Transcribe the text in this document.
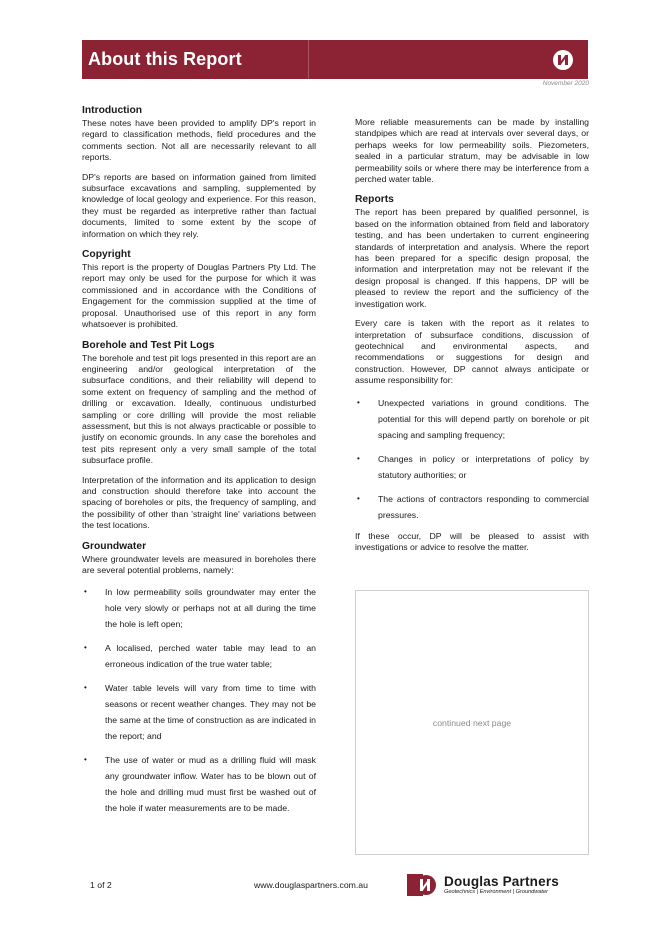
About this Report
November 2020
Introduction

These notes have been provided to amplify DP's report in regard to classification methods, field procedures and the comments section. Not all are necessarily relevant to all reports.

DP's reports are based on information gained from limited subsurface excavations and sampling, supplemented by knowledge of local geology and experience. For this reason, they must be regarded as interpretive rather than factual documents, limited to some extent by the scope of information on which they rely.

Copyright

This report is the property of Douglas Partners Pty Ltd. The report may only be used for the purpose for which it was commissioned and in accordance with the Conditions of Engagement for the commission supplied at the time of proposal. Unauthorised use of this report in any form whatsoever is prohibited.

Borehole and Test Pit Logs

The borehole and test pit logs presented in this report are an engineering and/or geological interpretation of the subsurface conditions, and their reliability will depend to some extent on frequency of sampling and the method of drilling or excavation. Ideally, continuous undisturbed sampling or core drilling will provide the most reliable assessment, but this is not always practicable or possible to justify on economic grounds. In any case the boreholes and test pits represent only a very small sample of the total subsurface profile.

Interpretation of the information and its application to design and construction should therefore take into account the spacing of boreholes or pits, the frequency of sampling, and the possibility of other than 'straight line' variations between the test locations.

Groundwater

Where groundwater levels are measured in boreholes there are several potential problems, namely:

• In low permeability soils groundwater may enter the hole very slowly or perhaps not at all during the time the hole is left open;
• A localised, perched water table may lead to an erroneous indication of the true water table;
• Water table levels will vary from time to time with seasons or recent weather changes. They may not be the same at the time of construction as are indicated in the report; and
• The use of water or mud as a drilling fluid will mask any groundwater inflow. Water has to be blown out of the hole and drilling mud must first be washed out of the hole if water measurements are to be made.

More reliable measurements can be made by installing standpipes which are read at intervals over several days, or perhaps weeks for low permeability soils. Piezometers, sealed in a particular stratum, may be advisable in low permeability soils or where there may be interference from a perched water table.

Reports

The report has been prepared by qualified personnel, is based on the information obtained from field and laboratory testing, and has been undertaken to current engineering standards of interpretation and analysis. Where the report has been prepared for a specific design proposal, the information and interpretation may not be relevant if the design proposal is changed. If this happens, DP will be pleased to review the report and the sufficiency of the investigation work.

Every care is taken with the report as it relates to interpretation of subsurface conditions, discussion of geotechnical and environmental aspects, and recommendations or suggestions for design and construction. However, DP cannot always anticipate or assume responsibility for:

• Unexpected variations in ground conditions. The potential for this will depend partly on borehole or pit spacing and sampling frequency;
• Changes in policy or interpretations of policy by statutory authorities; or
• The actions of contractors responding to commercial pressures.

If these occur, DP will be pleased to assist with investigations or advice to resolve the matter.

continued next page
1 of 2	www.douglaspartners.com.au	Douglas Partners
Geotechnics | Environment | Groundwater
